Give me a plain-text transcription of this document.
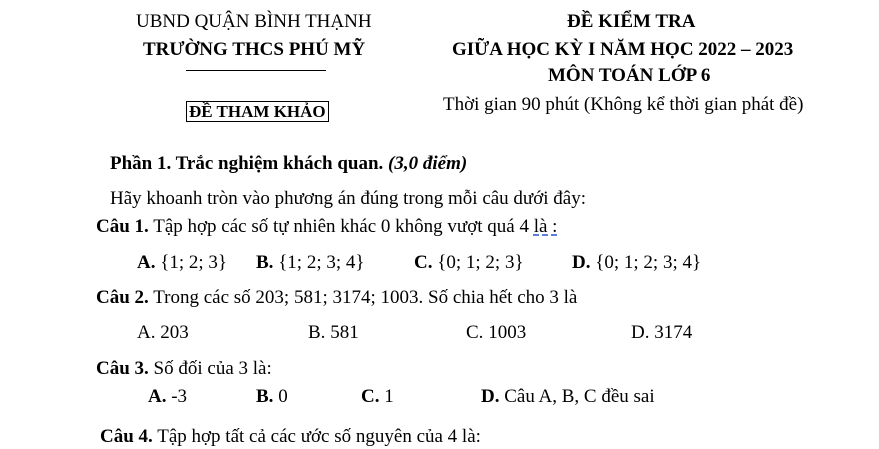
UBND QUẬN BÌNH THẠNH
TRƯỜNG THCS PHÚ MỸ
ĐỀ THAM KHẢO
ĐỀ KIỂM TRA
GIỮA HỌC KỲ I NĂM HỌC 2022 – 2023
MÔN TOÁN LỚP 6
Thời gian 90 phút (Không kể thời gian phát đề)
Phần 1. Trắc nghiệm khách quan. (3,0 điểm)
Hãy khoanh tròn vào phương án đúng trong mỗi câu dưới đây:
Câu 1. Tập hợp các số tự nhiên khác 0 không vượt quá 4 là :
A. {1; 2; 3} B. {1; 2; 3; 4}	C. {0; 1; 2; 3}	D. {0; 1; 2; 3; 4}
Câu 2. Trong các số 203; 581; 3174; 1003. Số chia hết cho 3 là
A. 203	B. 581	C. 1003	D. 3174
Câu 3. Số đối của 3 là:
A. -3	B. 0	C. 1	D. Câu A, B, C đều sai
Câu 4. Tập hợp tất cả các ước số nguyên của 4 là:
